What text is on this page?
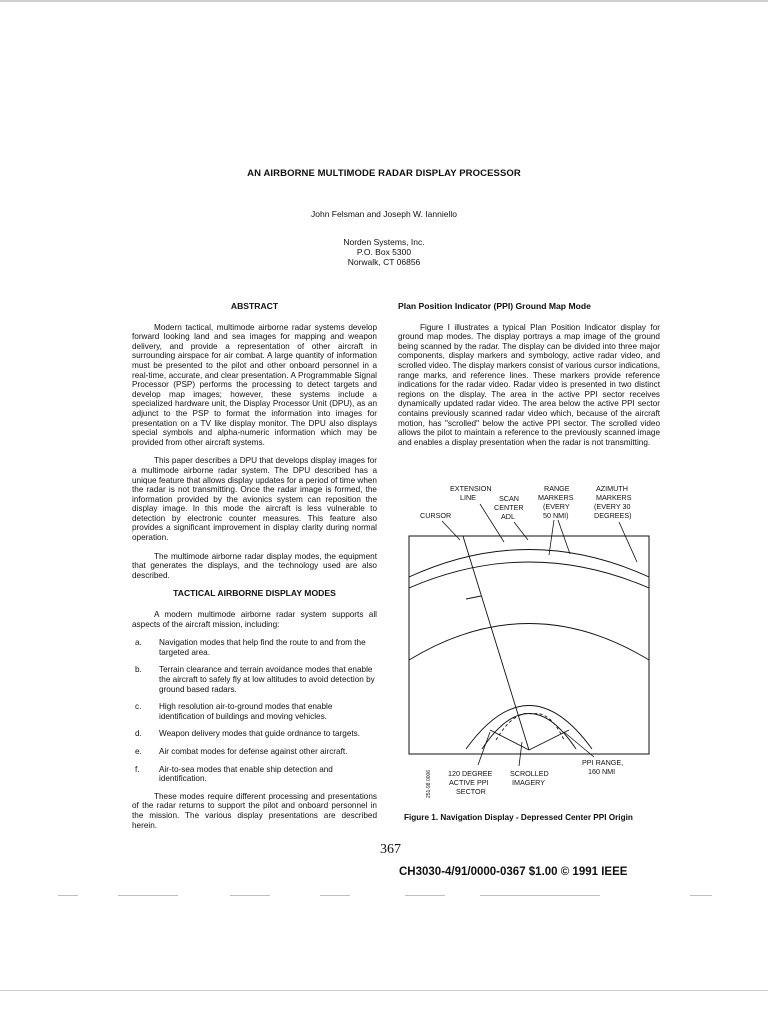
AN AIRBORNE MULTIMODE RADAR DISPLAY PROCESSOR
John Felsman and Joseph W. Ianniello
Norden Systems, Inc.
P.O. Box 5300
Norwalk, CT 06856
ABSTRACT

Modern tactical, multimode airborne radar systems develop forward looking land and sea images for mapping and weapon delivery, and provide a representation of other aircraft in surrounding airspace for air combat. A large quantity of information must be presented to the pilot and other onboard personnel in a real-time, accurate, and clear presentation. A Programmable Signal Processor (PSP) performs the processing to detect targets and develop map images; however, these systems include a specialized hardware unit, the Display Processor Unit (DPU), as an adjunct to the PSP to format the information into images for presentation on a TV like display monitor. The DPU also displays special symbols and alpha-numeric information which may be provided from other aircraft systems.

This paper describes a DPU that develops display images for a multimode airborne radar system. The DPU described has a unique feature that allows display updates for a period of time when the radar is not transmitting. Once the radar image is formed, the information provided by the avionics system can reposition the display image. In this mode the aircraft is less vulnerable to detection by electronic counter measures. This feature also provides a significant improvement in display clarity during normal operation.

The multimode airborne radar display modes, the equipment that generates the displays, and the technology used are also described.

TACTICAL AIRBORNE DISPLAY MODES

A modern multimode airborne radar system supports all aspects of the aircraft mission, including:

a.	Navigation modes that help find the route to and from the targeted area.
b.	Terrain clearance and terrain avoidance modes that enable the aircraft to safely fly at low altitudes to avoid detection by ground based radars.
c.	High resolution air-to-ground modes that enable identification of buildings and moving vehicles.
d.	Weapon delivery modes that guide ordnance to targets.
e.	Air combat modes for defense against other aircraft.
f.	Air-to-sea modes that enable ship detection and identification.

These modes require different processing and presentations of the radar returns to support the pilot and onboard personnel in the mission. The various display presentations are described herein.

Plan Position Indicator (PPI) Ground Map Mode

Figure I illustrates a typical Plan Position Indicator display for ground map modes. The display portrays a map image of the ground being scanned by the radar. The display can be divided into three major components, display markers and symbology, active radar video, and scrolled video. The display markers consist of various cursor indications, range marks, and reference lines. These markers provide reference indications for the radar video. Radar video is presented in two distinct regions on the display. The area in the active PPI sector receives dynamically updated radar video. The area below the active PPI sector contains previously scanned radar video which, because of the aircraft motion, has "scrolled" below the active PPI sector. The scrolled video allows the pilot to maintain a reference to the previously scanned image and enables a display presentation when the radar is not transmitting.

EXTENSION
LINE
CURSOR
SCAN
CENTER
ADL
RANGE
MARKERS
(EVERY
50 NMI)
AZIMUTH
MARKERS
(EVERY 30
DEGREES)
PPI RANGE,
160 NMI
120 DEGREE
ACTIVE PPI
SECTOR
SCROLLED
IMAGERY
251-98 0006
Figure 1. Navigation Display - Depressed Center PPI Origin
367
CH3030-4/91/0000-0367 $1.00 © 1991 IEEE
